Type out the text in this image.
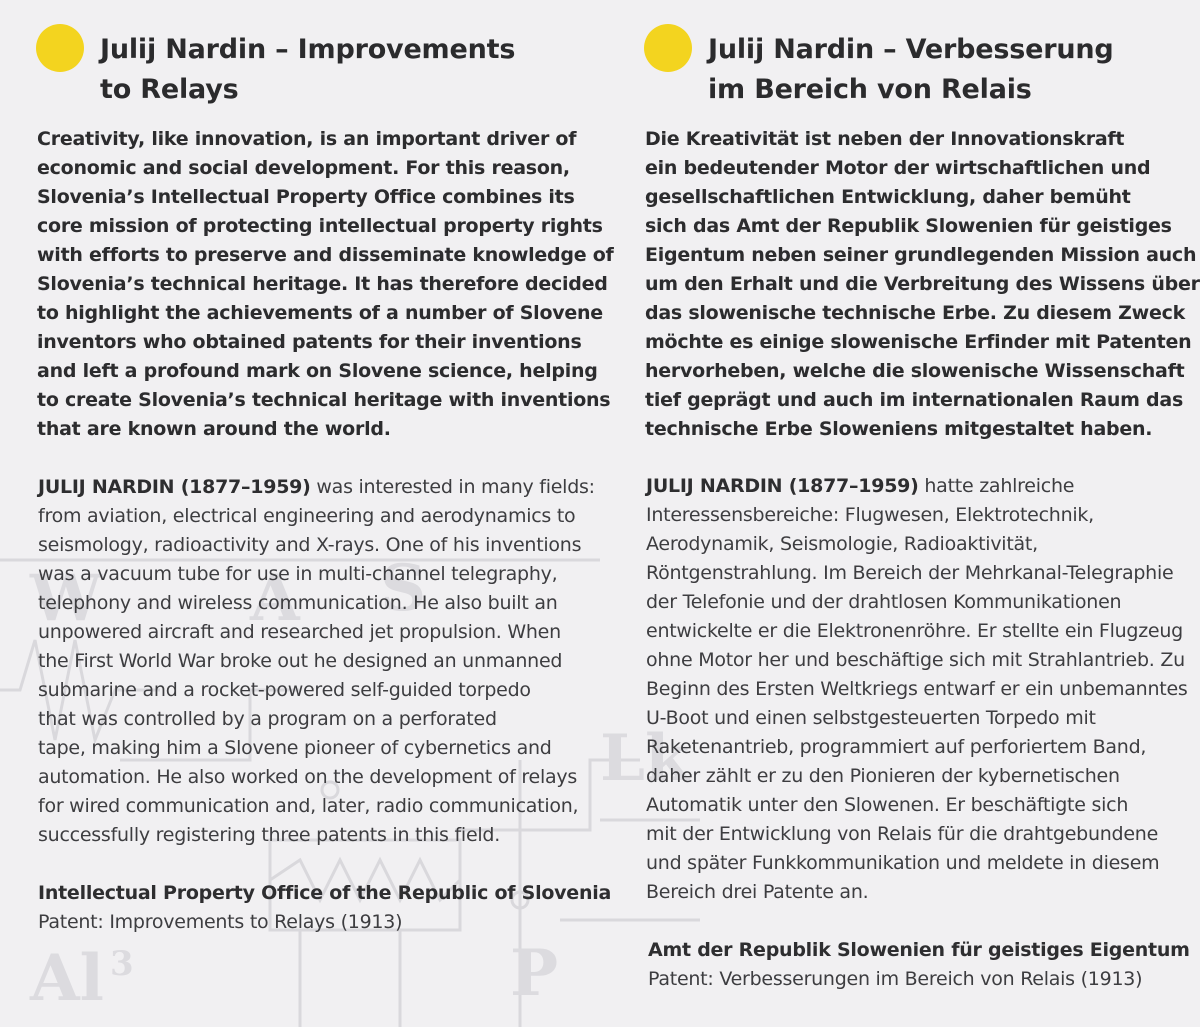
Al 3	P
Lk
W A S
Julij Nardin – Improvements
to Relays

Creativity, like innovation, is an important driver of
economic and social development. For this reason,
Slovenia’s Intellectual Property Office combines its
core mission of protecting intellectual property rights
with efforts to preserve and disseminate knowledge of
Slovenia’s technical heritage. It has therefore decided
to highlight the achievements of a number of Slovene
inventors who obtained patents for their inventions
and left a profound mark on Slovene science, helping
to create Slovenia’s technical heritage with inventions
that are known around the world.

JULIJ NARDIN (1877–1959) was interested in many fields:
from aviation, electrical engineering and aerodynamics to
seismology, radioactivity and X-rays. One of his inventions
was a vacuum tube for use in multi-channel telegraphy,
telephony and wireless communication. He also built an
unpowered aircraft and researched jet propulsion. When
the First World War broke out he designed an unmanned
submarine and a rocket-powered self-guided torpedo
that was controlled by a program on a perforated
tape, making him a Slovene pioneer of cybernetics and
automation. He also worked on the development of relays
for wired communication and, later, radio communication,
successfully registering three patents in this field.

Intellectual Property Office of the Republic of Slovenia

Patent: Improvements to Relays (1913)

Julij Nardin – Verbesserung
im Bereich von Relais

Die Kreativität ist neben der Innovationskraft
ein bedeutender Motor der wirtschaftlichen und
gesellschaftlichen Entwicklung, daher bemüht
sich das Amt der Republik Slowenien für geistiges
Eigentum neben seiner grundlegenden Mission auch
um den Erhalt und die Verbreitung des Wissens über
das slowenische technische Erbe. Zu diesem Zweck
möchte es einige slowenische Erfinder mit Patenten
hervorheben, welche die slowenische Wissenschaft
tief geprägt und auch im internationalen Raum das
technische Erbe Sloweniens mitgestaltet haben.

JULIJ NARDIN (1877–1959) hatte zahlreiche
Interessensbereiche: Flugwesen, Elektrotechnik,
Aerodynamik, Seismologie, Radioaktivität,
Röntgenstrahlung. Im Bereich der Mehrkanal-Telegraphie
der Telefonie und der drahtlosen Kommunikationen
entwickelte er die Elektronenröhre. Er stellte ein Flugzeug
ohne Motor her und beschäftige sich mit Strahlantrieb. Zu
Beginn des Ersten Weltkriegs entwarf er ein unbemanntes
U-Boot und einen selbstgesteuerten Torpedo mit
Raketenantrieb, programmiert auf perforiertem Band,
daher zählt er zu den Pionieren der kybernetischen
Automatik unter den Slowenen. Er beschäftigte sich
mit der Entwicklung von Relais für die drahtgebundene
und später Funkkommunikation und meldete in diesem
Bereich drei Patente an.

Amt der Republik Slowenien für geistiges Eigentum

Patent: Verbesserungen im Bereich von Relais (1913)
